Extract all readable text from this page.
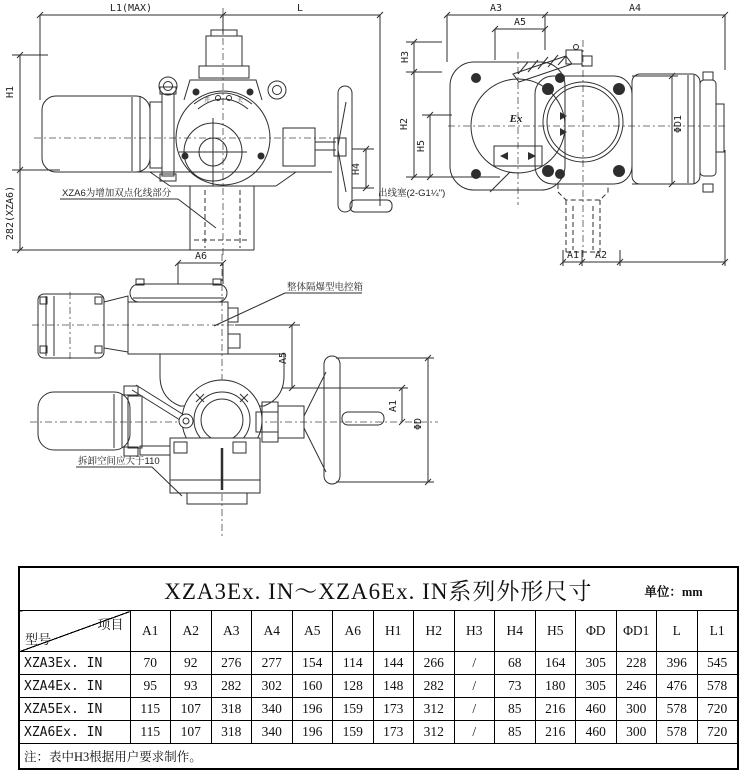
L1(MAX)	L
H1
282(XZA6)
开	关
H4
XZA6为增加双点化线部分
A3	A4
A5
H3
H2
H5
Ex	ΦD1
A1 A2
出线塞(2-G1¼")
A6
整体隔爆型电控箱
A5
拆卸空间应大于110
A1
ΦD
XZA3Ex. IN～XZA6Ex. IN系列外形尺寸 单位：mm															

项目
型号	A1	A2	A3	A4	A5	A6	H1	H2	H3	H4	H5	ΦD	ΦD1	L	L1
XZA3Ex. IN	70	92	276	277	154	114	144	266	/	68	164	305	228	396	545
XZA4Ex. IN	95	93	282	302	160	128	148	282	/	73	180	305	246	476	578
XZA5Ex. IN	115	107	318	340	196	159	173	312	/	85	216	460	300	578	720
XZA6Ex. IN	115	107	318	340	196	159	173	312	/	85	216	460	300	578	720
注：表中H3根据用户要求制作。															
